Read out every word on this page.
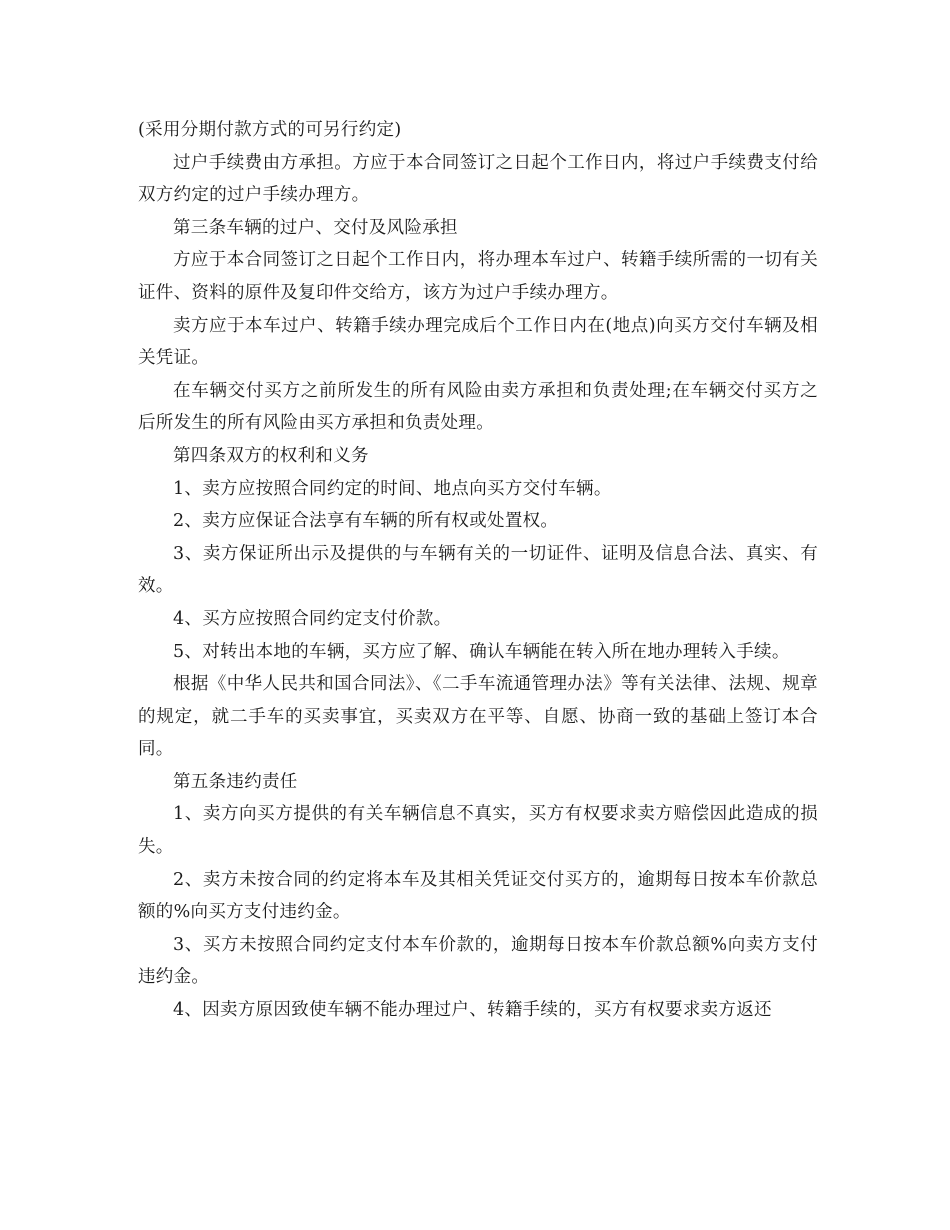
(采用分期付款方式的可另行约定)

过户手续费由方承担。方应于本合同签订之日起个工作日内，将过户手续费支付给双方约定的过户手续办理方。

第三条车辆的过户、交付及风险承担

方应于本合同签订之日起个工作日内，将办理本车过户、转籍手续所需的一切有关证件、资料的原件及复印件交给方，该方为过户手续办理方。

卖方应于本车过户、转籍手续办理完成后个工作日内在(地点)向买方交付车辆及相关凭证。

在车辆交付买方之前所发生的所有风险由卖方承担和负责处理;在车辆交付买方之后所发生的所有风险由买方承担和负责处理。

第四条双方的权利和义务

1、卖方应按照合同约定的时间、地点向买方交付车辆。

2、卖方应保证合法享有车辆的所有权或处置权。

3、卖方保证所出示及提供的与车辆有关的一切证件、证明及信息合法、真实、有效。

4、买方应按照合同约定支付价款。

5、对转出本地的车辆，买方应了解、确认车辆能在转入所在地办理转入手续。

根据《中华人民共和国合同法》、《二手车流通管理办法》等有关法律、法规、规章的规定，就二手车的买卖事宜，买卖双方在平等、自愿、协商一致的基础上签订本合同。

第五条违约责任

1、卖方向买方提供的有关车辆信息不真实，买方有权要求卖方赔偿因此造成的损失。

2、卖方未按合同的约定将本车及其相关凭证交付买方的，逾期每日按本车价款总额的%向买方支付违约金。

3、买方未按照合同约定支付本车价款的，逾期每日按本车价款总额%向卖方支付违约金。

4、因卖方原因致使车辆不能办理过户、转籍手续的，买方有权要求卖方返还
